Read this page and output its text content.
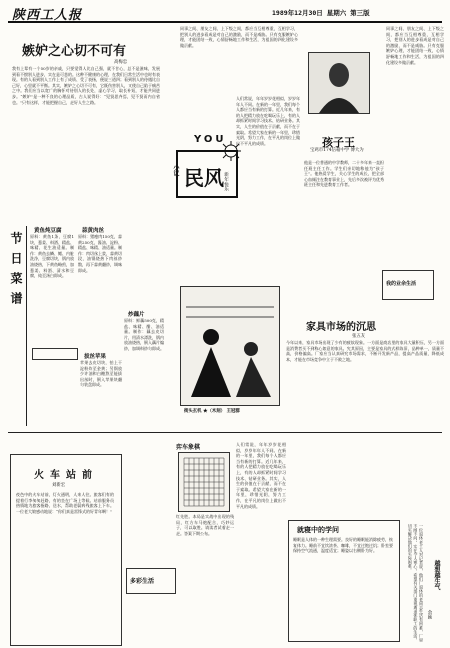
陕西工人报	1989年12月30日 星期六 第三版
嫉妒之心切不可有
高梅忠
我有上辈有一个50岁的亲戚，只要觉得人比自己强，就不甘心，总不是滋味，发展到看不惯别人进步，实在是可悲的。这种不健康的心理，在我们日常生活中也时有表现。有的人看到别人工作上有了成绩、受了表扬，便说三道四；看到别人的待遇比自己好，心里就不平衡。其实，嫉妒之心切不可有，它既伤害别人，又使自己陷于痛苦之中。我们应当以宽广的胸怀对待别人的长处，虚心学习，取长补短，才能共同进步。“嫉妒”是一种不良的心理品质，古人说得好：“见贤思齐焉，见不贤而内自省也。”只有这样，才能把握自己，走好人生之路。
同事之间、朋友之间、上下级之间，都应当互相尊重，互相学习，把别人的进步看成是对自己的激励，而不是威胁。只有克服嫉妒心理，才能团结一致，心情舒畅地工作和生活，为祖国的四化建设多做贡献。
YOU
民风
小议
新年快乐
人们常说，年年岁岁花相似，岁岁年年人不同。在新的一年里，我们每个人都应当有新的打算。近几年来，有的人把精力放在吃喝玩乐上，有的人却抓紧时间学习技术、钻研业务。其实，人生的价值在于贡献，而不在于索取。希望大家在新的一年里，珍惜光阴，努力工作，在平凡的岗位上做出不平凡的成绩。	孩子王
宝鸡市174信箱中学 傅大为
他是一位普通的中学教师，二十多年来一直担任班主任工作。学生们亲切地称他为“孩子王”。他热爱学生，关心学生的成长，把全部心血倾注在教育事业上，先后多次被评为优秀班主任和先进教育工作者。
同事之间、朋友之间、上下级之间，都应当互相尊重，互相学习，把别人的进步看成是对自己的激励，而不是威胁。只有克服嫉妒心理，才能团结一致，心情舒畅地工作和生活，为祖国的四化建设多做贡献。
节日菜谱
黄鱼炖豆腐
原料：黄鱼1条，豆腐1块，葱姜、料酒、精盐、味精、花生油适量。制作：黄鱼去鳞、鳃、内脏洗净，豆腐切块，锅内放油烧热，下黄鱼略煎，加葱姜、料酒、清水和豆腐，炖至汤白即成。
蒜黄肉丝
原料：猪瘦肉150克，蒜黄250克，酱油、淀粉、精盐、味精、油适量。制作：肉切丝上浆，蒜黄切段，油锅烧热下肉丝炒散，再下蒜黄翻炒，调味即成。
炒藕片
原料：鲜藕500克，精盐、味精、醋、油适量。制作：藕去皮切片，用清水漂洗，锅内放油烧热，倒入藕片煸炒，加调料炒匀即成。
拔丝苹果
苹果去皮切块，拍上干淀粉炸至金黄；另锅放少许油和白糖熬至能拔出丝时，倒入苹果块翻匀装盘即成。
街头玄机 ★（木刻） 王冠群
家具市场的沉思
张五友
今年以来，家具市场出现了少有的疲软现象。一方面是商店里的家具大量积压，另一方面是消费者买不到称心如意的家具。究其原因，主要是家具的式样陈旧，品种单一，质量不高，价格偏高。厂家应当认真研究市场需求，不断开发新产品，提高产品质量，降低成本，才能在市场竞争中立于不败之地。
我的业余生活
火车站前
刘新宏
夜色中的火车站前，灯火通明，人来人往。旅客们有的提着行李匆匆赶路，有的坐在广场上等候。站前服务员热情地为旅客指路、送水，帮助老弱病残旅客上下车。一位老大娘感动地说：“你们真是雷锋式的好青年啊！”
弈车象棋
红先胜。本局是实战中出现的残局，红方车马炮配合，巧妙运子，可以取胜。请读者试着走一走。答案下期公布。
多彩生活
人们常说，年年岁岁花相似，岁岁年年人不同。在新的一年里，我们每个人都应当有新的打算。近几年来，有的人把精力放在吃喝玩乐上，有的人却抓紧时间学习技术、钻研业务。其实，人生的价值在于贡献，而不在于索取。希望大家在新的一年里，珍惜光阴，努力工作，在平凡的岗位上做出不平凡的成绩。
就寝中的学问
睡眠是人体的一种生理需要。良好的睡眠能消除疲劳，恢复体力。睡前不宜饮浓茶、咖啡，不宜过饱过饥；卧室要保持空气流通，温度适宜；睡姿以右侧卧为好。
越想越生气
余颖
一位退休老工人对记者说，他们厂退休的老同志生活有困难，厂里不闻不问，实在令人寒心。希望有关部门重视离退休职工的生活，切实解决他们的实际困难。
